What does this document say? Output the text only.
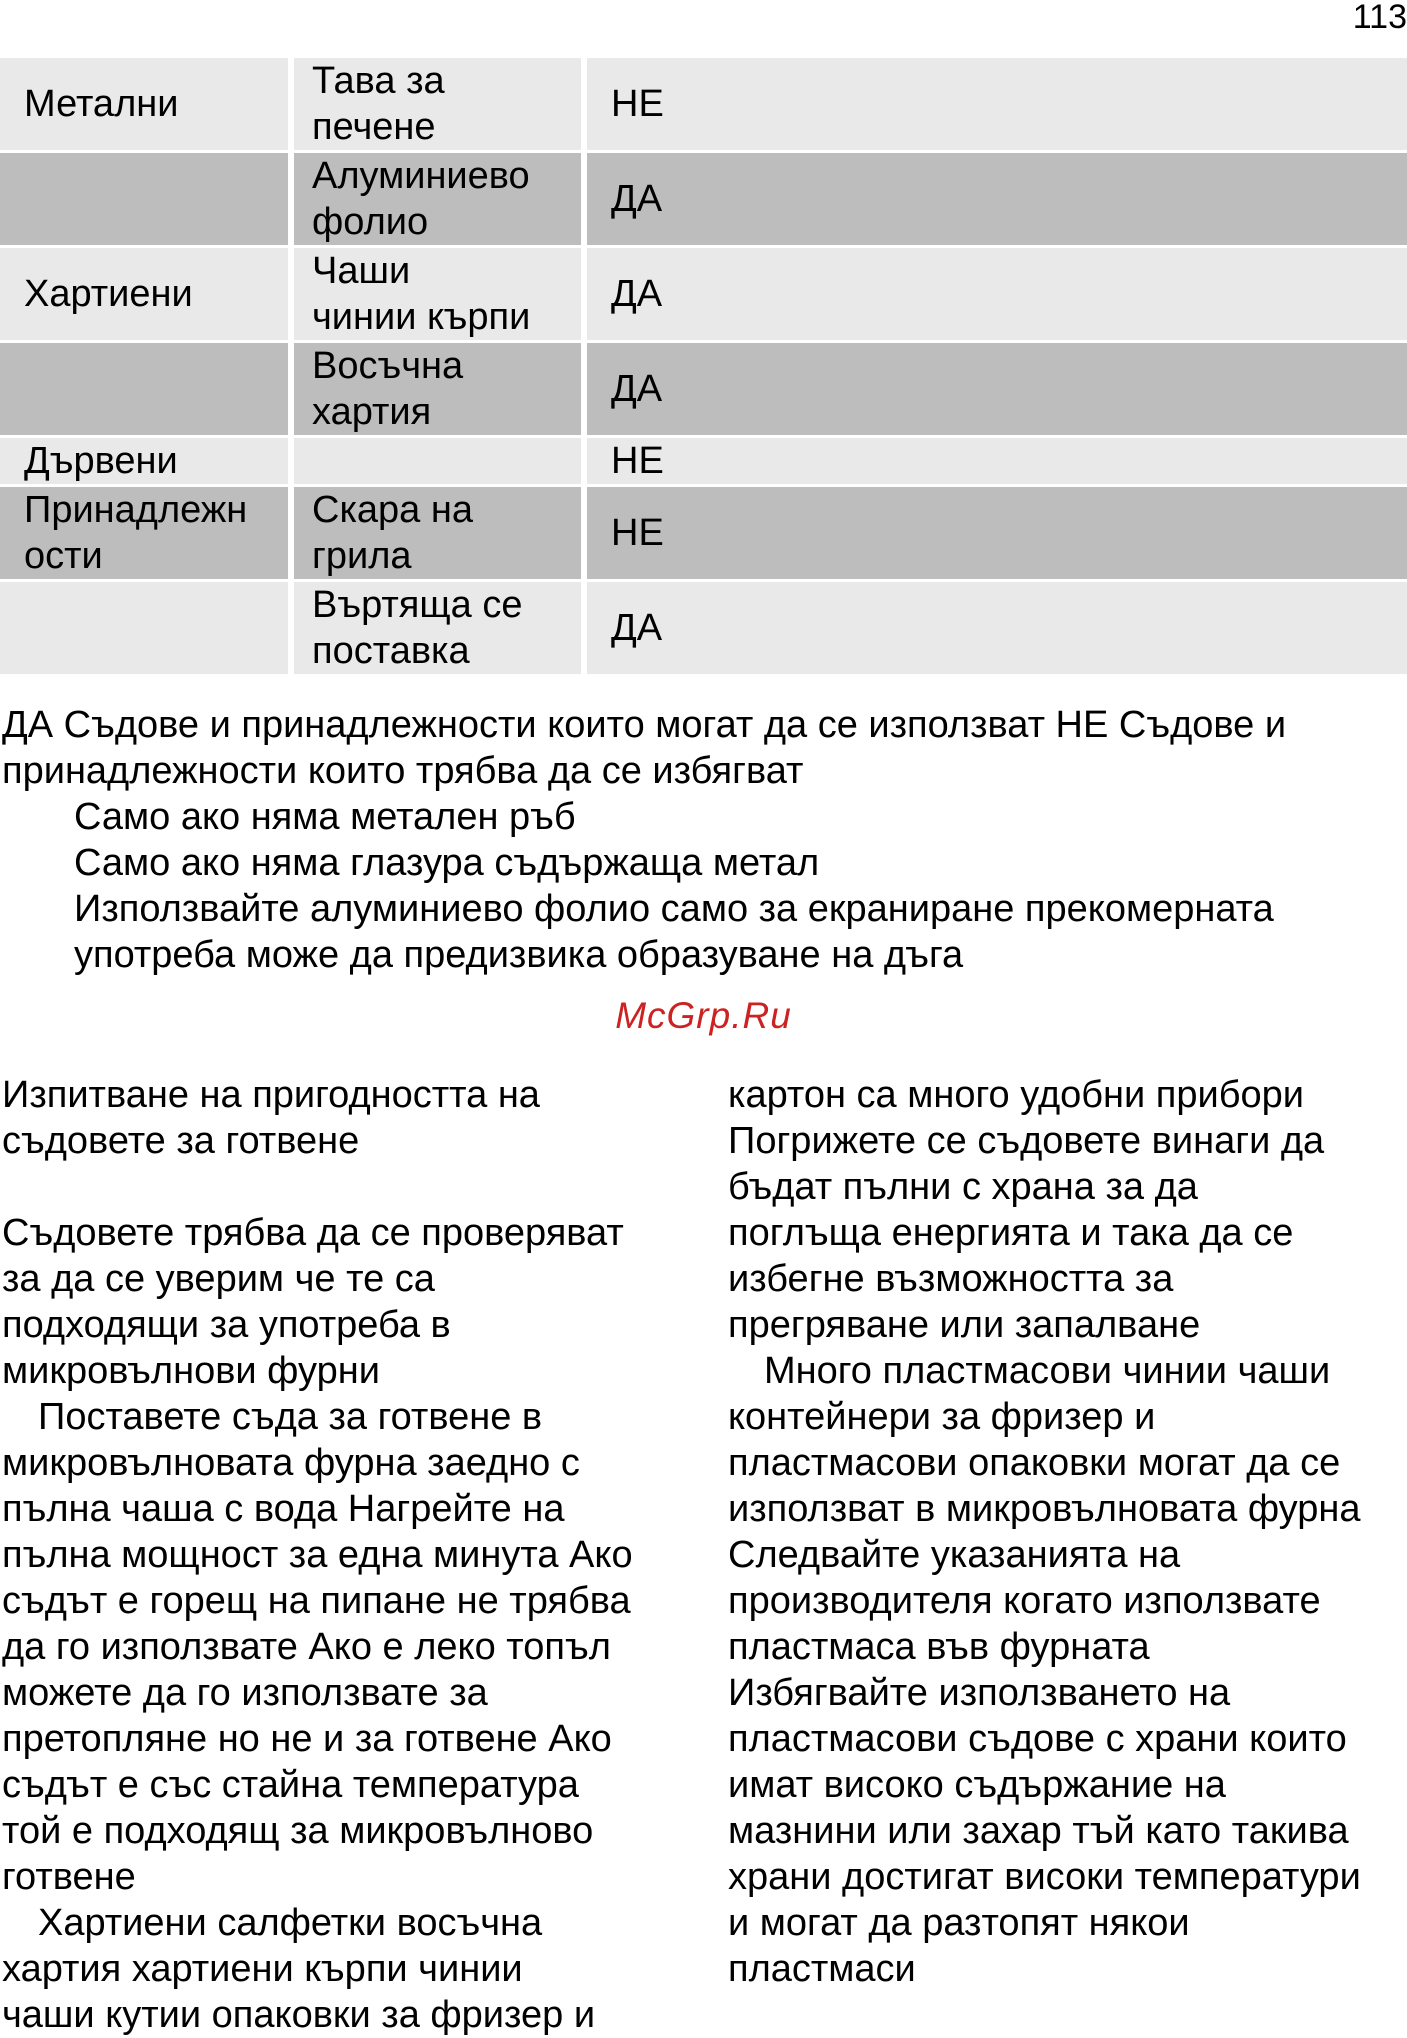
113
Метални
Тава за
печене
НЕ
Алуминиево
фолио
ДА
Хартиени
Чаши
чинии кърпи
ДА
Восъчна
хартия
ДА
Дървени
	НЕ
Принадлежн ости
Скара на
грила
НЕ
Въртяща се
поставка
ДА
ДА Съдове и принадлежности които могат да се използват НЕ Съдове и
принадлежности които трябва да се избягват
Само ако няма метален ръб
Само ако няма глазура съдържаща метал
Използвайте алуминиево фолио само за екраниране прекомерната
употреба може да предизвика образуване на дъга
McGrp.Ru

Изпитване на пригодността на
съдовете за готвене

Съдовете трябва да се проверяват
за да се уверим че те са
подходящи за употреба в
микровълнови фурни

Поставете съда за готвене в
микровълновата фурна заедно с
пълна чаша с вода Нагрейте на
пълна мощност за една минута Ако
съдът е горещ на пипане не трябва
да го използвате Ако е леко топъл
можете да го използвате за
претопляне но не и за готвене Ако
съдът е със стайна температура
той е подходящ за микровълново
готвене

Хартиени салфетки восъчна
хартия хартиени кърпи чинии
чаши кутии опаковки за фризер и

картон са много удобни прибори
Погрижете се съдовете винаги да
бъдат пълни с храна за да
поглъща енергията и така да се
избегне възможността за
прегряване или запалване

Много пластмасови чинии чаши
контейнери за фризер и
пластмасови опаковки могат да се
използват в микровълновата фурна
Следвайте указанията на
производителя когато използвате
пластмаса във фурната
Избягвайте използването на
пластмасови съдове с храни които
имат високо съдържание на
мазнини или захар тъй като такива
храни достигат високи температури
и могат да разтопят някои
пластмаси
